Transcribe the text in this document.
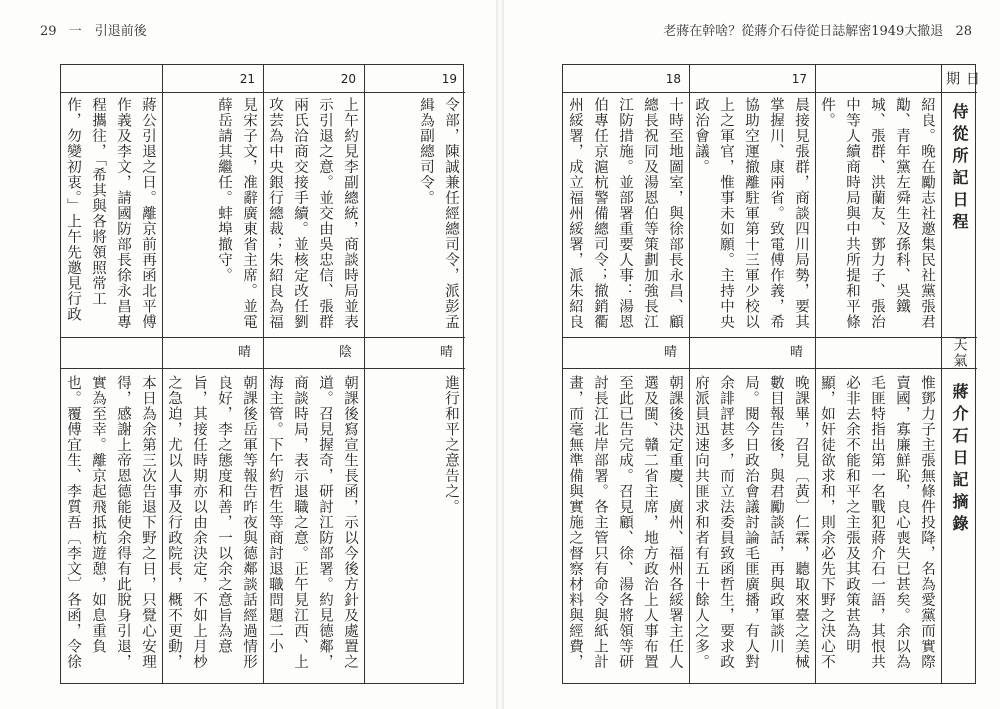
29 一　引退前後
19
令部，陳誠兼任經總司令，派彭孟緝為副總司令。
晴
進行和平之意告之。
20
上午約見李副總統，商談時局並表示引退之意。並交由吳忠信、張群兩氏洽商交接手續。並核定改任劉攻芸為中央銀行總裁；朱紹良為福
陰
朝課後寫宣生長函，示以今後方針及處置之道。召見握奇，研討江防部署。約見德鄰，商談時局，表示退職之意。正午見江西、上海主管。下午約哲生等商討退職問題二小
21
見宋子文，准辭廣東省主席。並電薛岳請其繼任。蚌埠撤守。
晴
朝課後岳軍等報告昨夜與德鄰談話經過情形良好，李之態度和善，一以余之意旨為意旨，其接任時期亦以由余決定，不如上月杪之急迫，尤以人事及行政院長，概不更動，
蔣公引退之日。離京前再函北平傅作義及李文，請國防部長徐永昌專程攜往，「希其與各將領照常工作，勿變初衷。」上午先邀見行政
本日為余第三次告退下野之日，只覺心安理得，感謝上帝恩德能使余得有此脫身引退，實為至幸。離京起飛抵杭遊憩，如息重負也。覆傅宜生、李質吾〔李文〕各函，令徐
老蔣在幹啥？從蔣介石侍從日誌解密1949大撤退 28
日期
侍從所記日程
天氣
蔣介石日記摘錄
紹良。晚在勵志社邀集民社黨張君勱、青年黨左舜生及孫科、吳鐵城、張群、洪蘭友、鄧力子、張治中等人續商時局與中共所提和平條件。
惟鄧力子主張無條件投降，名為愛黨而實際賣國，寡廉鮮恥，良心喪失已甚矣。余以為毛匪特指出第一名戰犯蔣介石一語，其恨共必非去余不能和平之主張及其政策甚為明顯，如奸徒欲求和，則余必先下野之決心不
17
晨接見張群，商談四川局勢，要其掌握川、康兩省。致電傅作義，希協助空運撤離駐軍第十三軍少校以上之軍官，惟事未如願。主持中央政治會議。
晴
晚課畢，召見〔黃〕仁霖，聽取來臺之美械數目報告後，與君勵談話，再與政軍談川局。閱今日政治會議討論毛匪廣播，有人對余誹評甚多，而立法委員致函哲生，要求政府派員迅速向共匪求和者有五十餘人之多。
18
十時至地圖室，與徐部長永昌、顧總長祝同及湯恩伯等策劃加強長江江防措施。並部署重要人事：湯恩伯專任京滬杭警備總司令；撤銷衢州綏署，成立福州綏署，派朱紹良
晴
朝課後決定重慶、廣州、福州各綏署主任人選及閩、贛二省主席，地方政治上人事布置至此已告完成。召見顧、徐、湯各將領等研討長江北岸部署。各主管只有命令與紙上計畫，而毫無準備與實施之督察材料與經費，
